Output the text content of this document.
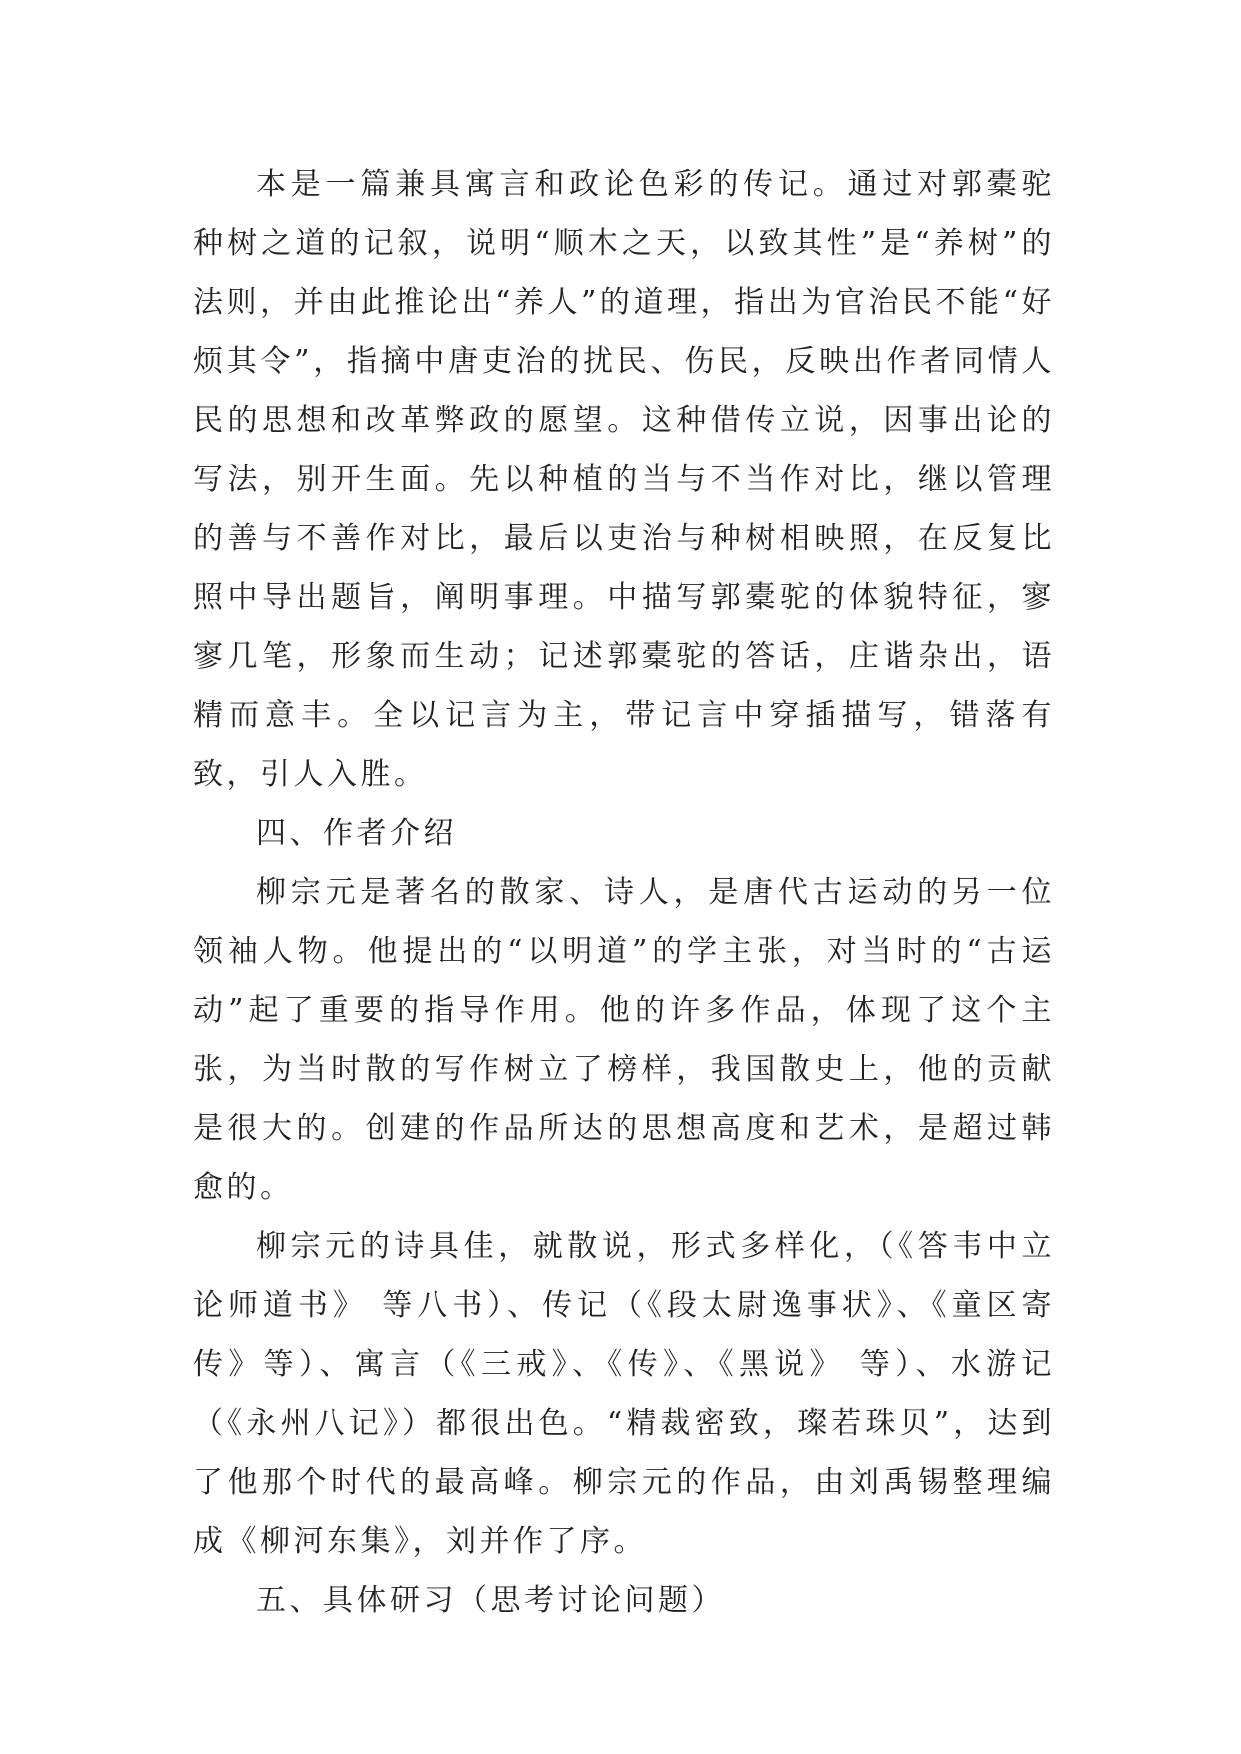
本是一篇兼具寓言和政论色彩的传记。通过对郭橐驼种树之道的记叙，说明“顺木之天，以致其性”是“养树”的法则，并由此推论出“养人”的道理，指出为官治民不能“好烦其令”，指摘中唐吏治的扰民、伤民，反映出作者同情人民的思想和改革弊政的愿望。这种借传立说，因事出论的写法，别开生面。先以种植的当与不当作对比，继以管理的善与不善作对比，最后以吏治与种树相映照，在反复比照中导出题旨，阐明事理。中描写郭橐驼的体貌特征，寥寥几笔，形象而生动；记述郭橐驼的答话，庄谐杂出，语精而意丰。全以记言为主，带记言中穿插描写，错落有致，引人入胜。

四、作者介绍

柳宗元是著名的散家、诗人，是唐代古运动的另一位领袖人物。他提出的“以明道”的学主张，对当时的“古运动”起了重要的指导作用。他的许多作品，体现了这个主张，为当时散的写作树立了榜样，我国散史上，他的贡献是很大的。创建的作品所达的思想高度和艺术，是超过韩愈的。

柳宗元的诗具佳，就散说，形式多样化，（《答韦中立论师道书》 等八书）、传记（《段太尉逸事状》、《童区寄传》等）、寓言（《三戒》、《传》、《黑说》 等）、水游记（《永州八记》）都很出色。“精裁密致，璨若珠贝”，达到了他那个时代的最高峰。柳宗元的作品，由刘禹锡整理编成《柳河东集》，刘并作了序。

五、具体研习（思考讨论问题）
